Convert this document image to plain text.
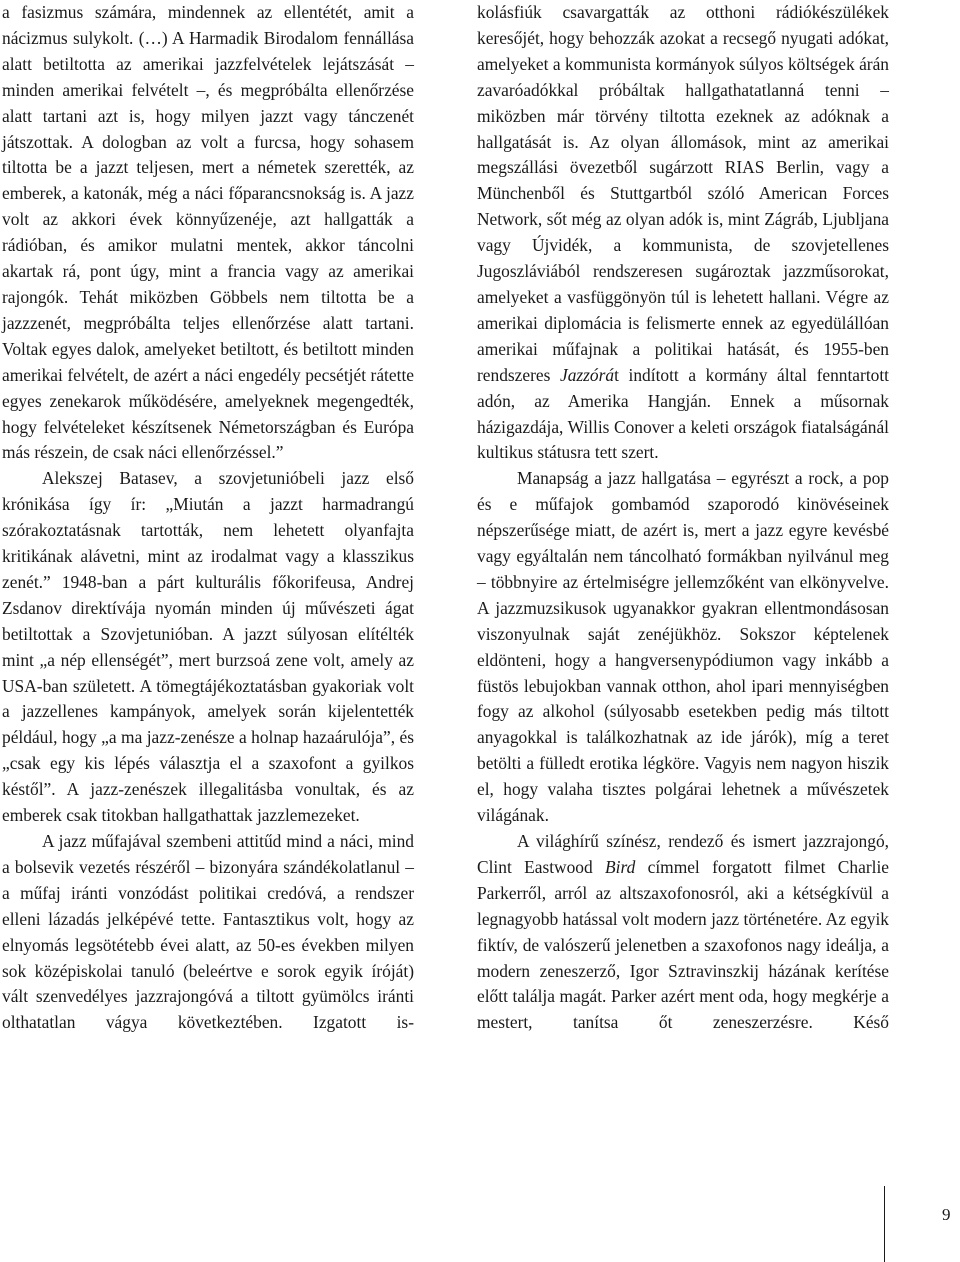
a fasizmus számára, mindennek az ellentétét, amit a nácizmus sulykolt. (…) A Harmadik Birodalom fennállása alatt betiltotta az amerikai jazzfelvételek lejátszását – minden amerikai felvételt –, és megpróbálta ellenőrzése alatt tartani azt is, hogy milyen jazzt vagy tánczenét játszottak. A dologban az volt a furcsa, hogy sohasem tiltotta be a jazzt teljesen, mert a németek szerették, az emberek, a katonák, még a náci főparancsnokság is. A jazz volt az akkori évek könnyűzenéje, azt hallgatták a rádióban, és amikor mulatni mentek, akkor táncolni akartak rá, pont úgy, mint a francia vagy az amerikai rajongók. Tehát miközben Göbbels nem tiltotta be a jazzzenét, megpróbálta teljes ellenőrzése alatt tartani. Voltak egyes dalok, amelyeket betiltott, és betiltott minden amerikai felvételt, de azért a náci engedély pecsétjét rátette egyes zenekarok működésére, amelyeknek megengedték, hogy felvételeket készítsenek Németországban és Európa más részein, de csak náci ellenőrzéssel.”

Alekszej Batasev, a szovjetunióbeli jazz első krónikása így ír: „Miután a jazzt harmadrangú szórakoztatásnak tartották, nem lehetett olyanfajta kritikának alávetni, mint az irodalmat vagy a klasszikus zenét.” 1948-ban a párt kulturális főkorifeusa, Andrej Zsdanov direktívája nyomán minden új művészeti ágat betiltottak a Szovjetunióban. A jazzt súlyosan elítélték mint „a nép ellenségét”, mert burzsoá zene volt, amely az USA-ban született. A tömegtájékoztatásban gyakoriak volt a jazzellenes kampányok, amelyek során kijelentették például, hogy „a ma jazz-zenésze a holnap hazaárulója”, és „csak egy kis lépés választja el a szaxofont a gyilkos késtől”. A jazz-zenészek illegalitásba vonultak, és az emberek csak titokban hallgathattak jazzlemezeket.

A jazz műfajával szembeni attitűd mind a náci, mind a bolsevik vezetés részéről – bizonyára szándékolatlanul – a műfaj iránti vonzódást politikai credóvá, a rendszer elleni lázadás jelképévé tette. Fantasztikus volt, hogy az elnyomás legsötétebb évei alatt, az 50-es években milyen sok középiskolai tanuló (beleértve e sorok egyik íróját) vált szenvedélyes jazzrajongóvá a tiltott gyümölcs iránti olthatatlan vágya következtében. Izgatott is-

kolásfiúk csavargatták az otthoni rádiókészülékek keresőjét, hogy behozzák azokat a recsegő nyugati adókat, amelyeket a kommunista kormányok súlyos költségek árán zavaróadókkal próbáltak hallgathatatlanná tenni – miközben már törvény tiltotta ezeknek az adóknak a hallgatását is. Az olyan állomások, mint az amerikai megszállási övezetből sugárzott RIAS Berlin, vagy a Münchenből és Stuttgartból szóló American Forces Network, sőt még az olyan adók is, mint Zágráb, Ljubljana vagy Újvidék, a kommunista, de szovjetellenes Jugoszláviából rendszeresen sugároztak jazzműsorokat, amelyeket a vasfüggönyön túl is lehetett hallani. Végre az amerikai diplomácia is felismerte ennek az egyedülállóan amerikai műfajnak a politikai hatását, és 1955-ben rendszeres Jazzórát indított a kormány által fenntartott adón, az Amerika Hangján. Ennek a műsornak házigazdája, Willis Conover a keleti országok fiatalságánál kultikus státusra tett szert.

Manapság a jazz hallgatása – egyrészt a rock, a pop és e műfajok gombamód szaporodó kinövéseinek népszerűsége miatt, de azért is, mert a jazz egyre kevésbé vagy egyáltalán nem táncolható formákban nyilvánul meg – többnyire az értelmiségre jellemzőként van elkönyvelve. A jazzmuzsikusok ugyanakkor gyakran ellentmondásosan viszonyulnak saját zenéjükhöz. Sokszor képtelenek eldönteni, hogy a hangversenypódiumon vagy inkább a füstös lebujokban vannak otthon, ahol ipari mennyiségben fogy az alkohol (súlyosabb esetekben pedig más tiltott anyagokkal is találkozhatnak az ide járók), míg a teret betölti a fülledt erotika légköre. Vagyis nem nagyon hiszik el, hogy valaha tisztes polgárai lehetnek a művészetek világának.

A világhírű színész, rendező és ismert jazzrajongó, Clint Eastwood Bird címmel forgatott filmet Charlie Parkerről, arról az altszaxofonosról, aki a kétségkívül a legnagyobb hatással volt modern jazz történetére. Az egyik fiktív, de valószerű jelenetben a szaxofonos nagy ideálja, a modern zeneszerző, Igor Sztravinszkij házának kerítése előtt találja magát. Parker azért ment oda, hogy megkérje a mestert, tanítsa őt zeneszerzésre. Késő

9
